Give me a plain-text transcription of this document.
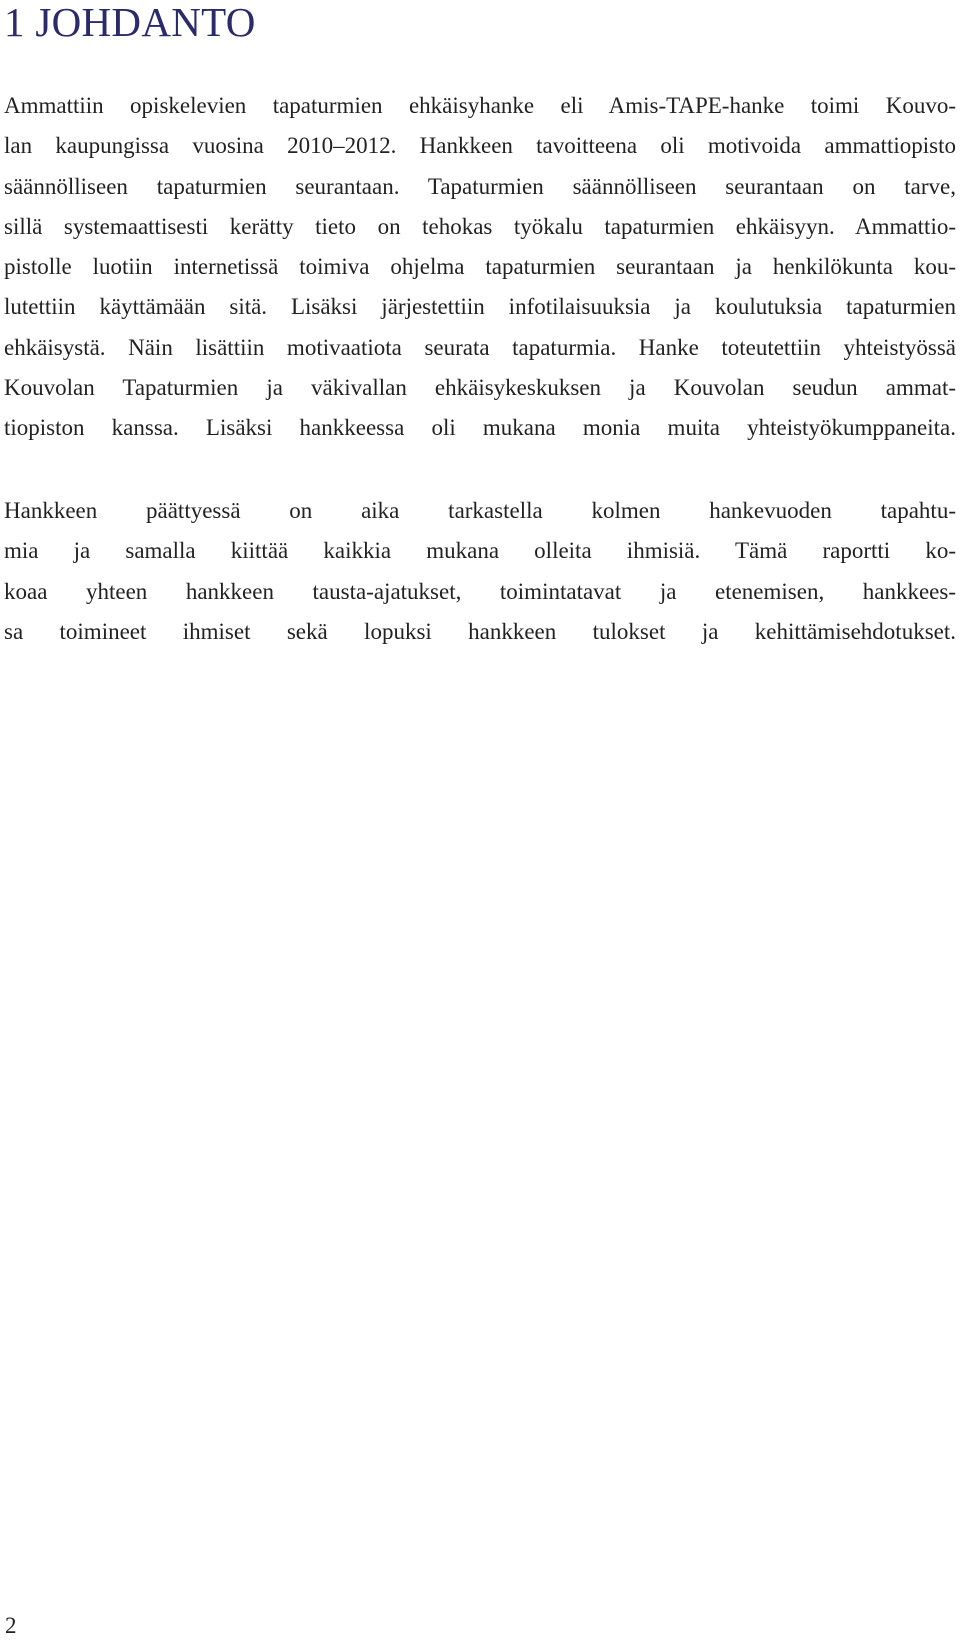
1 JOHDANTO
Ammattiin opiskelevien tapaturmien ehkäisyhanke eli Amis-TAPE-hanke toimi Kouvo-
lan kaupungissa vuosina 2010–2012. Hankkeen tavoitteena oli motivoida ammattiopisto
säännölliseen tapaturmien seurantaan. Tapaturmien säännölliseen seurantaan on tarve,
sillä systemaattisesti kerätty tieto on tehokas työkalu tapaturmien ehkäisyyn. Ammattio-
pistolle luotiin internetissä toimiva ohjelma tapaturmien seurantaan ja henkilökunta kou-
lutettiin käyttämään sitä. Lisäksi järjestettiin infotilaisuuksia ja koulutuksia tapaturmien
ehkäisystä. Näin lisättiin motivaatiota seurata tapaturmia. Hanke toteutettiin yhteistyössä
Kouvolan Tapaturmien ja väkivallan ehkäisykeskuksen ja Kouvolan seudun ammat-
tiopiston kanssa. Lisäksi hankkeessa oli mukana monia muita yhteistyökumppaneita.
Hankkeen päättyessä on aika tarkastella kolmen hankevuoden tapahtu-
mia ja samalla kiittää kaikkia mukana olleita ihmisiä. Tämä raportti ko-
koaa yhteen hankkeen tausta-ajatukset, toimintatavat ja etenemisen, hankkees-
sa toimineet ihmiset sekä lopuksi hankkeen tulokset ja kehittämisehdotukset.
2
